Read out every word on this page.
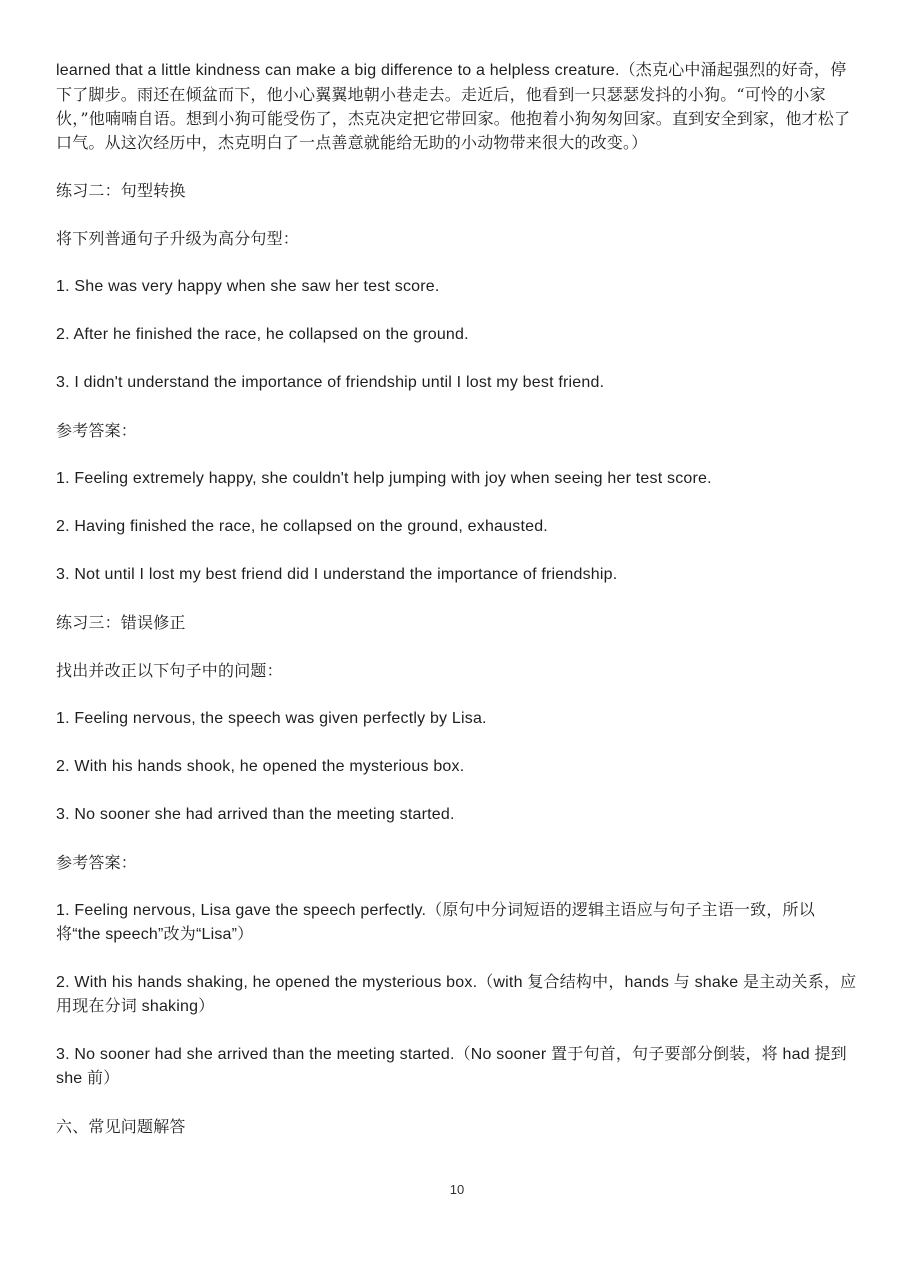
learned that a little kindness can make a big difference to a helpless creature.（杰克心中涌起强烈的好奇，停下了脚步。雨还在倾盆而下，他小心翼翼地朝小巷走去。走近后，他看到一只瑟瑟发抖的小狗。“可怜的小家伙，”他喃喃自语。想到小狗可能受伤了，杰克决定把它带回家。他抱着小狗匆匆回家。直到安全到家，他才松了口气。从这次经历中，杰克明白了一点善意就能给无助的小动物带来很大的改变。）

练习二：句型转换

将下列普通句子升级为高分句型：

1. She was very happy when she saw her test score.

2. After he finished the race, he collapsed on the ground.

3. I didn't understand the importance of friendship until I lost my best friend.

参考答案：

1. Feeling extremely happy, she couldn't help jumping with joy when seeing her test score.

2. Having finished the race, he collapsed on the ground, exhausted.

3. Not until I lost my best friend did I understand the importance of friendship.

练习三：错误修正

找出并改正以下句子中的问题：

1. Feeling nervous, the speech was given perfectly by Lisa.

2. With his hands shook, he opened the mysterious box.

3. No sooner she had arrived than the meeting started.

参考答案：

1. Feeling nervous, Lisa gave the speech perfectly.（原句中分词短语的逻辑主语应与句子主语一致，所以将“the speech”改为“Lisa”）

2. With his hands shaking, he opened the mysterious box.（with 复合结构中，hands 与 shake 是主动关系，应用现在分词 shaking）

3. No sooner had she arrived than the meeting started.（No sooner 置于句首，句子要部分倒装，将 had 提到 she 前）

六、常见问题解答

10
